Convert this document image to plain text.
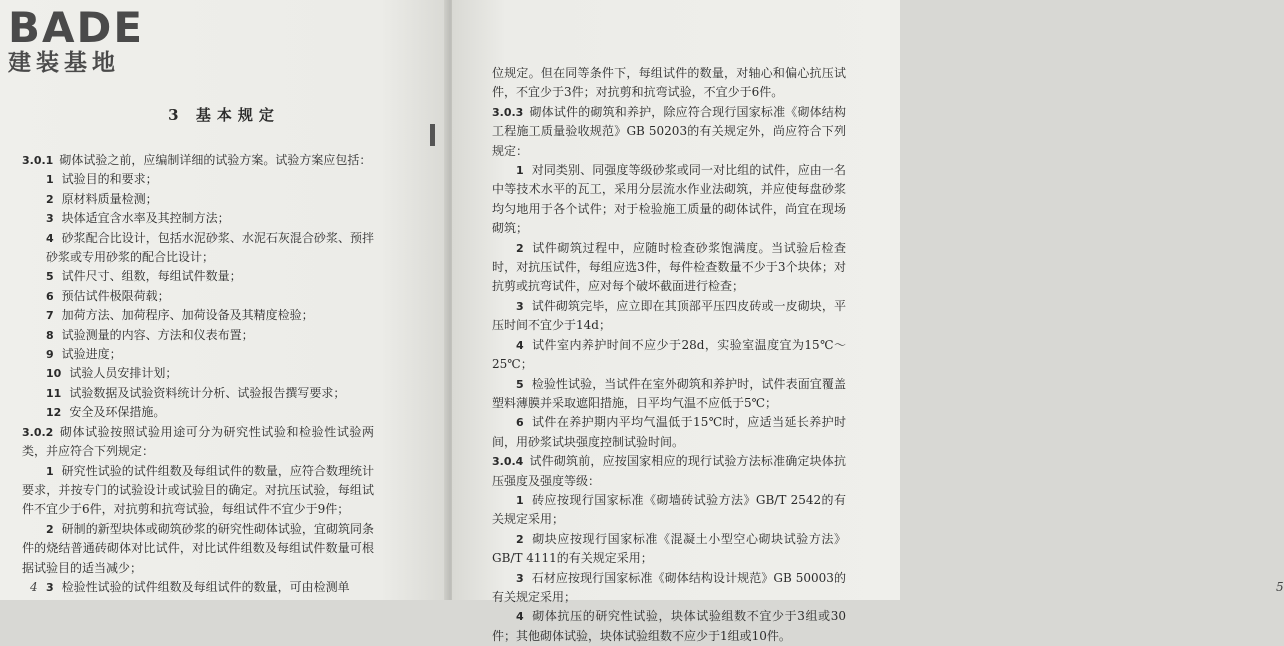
BADE
建装基地
3 基本规定

3.0.1 砌体试验之前，应编制详细的试验方案。试验方案应包括：

1 试验目的和要求；

2 原材料质量检测；

3 块体适宜含水率及其控制方法；

4 砂浆配合比设计，包括水泥砂浆、水泥石灰混合砂浆、预拌砂浆或专用砂浆的配合比设计；

5 试件尺寸、组数，每组试件数量；

6 预估试件极限荷载；

7 加荷方法、加荷程序、加荷设备及其精度检验；

8 试验测量的内容、方法和仪表布置；

9 试验进度；

10 试验人员安排计划；

11 试验数据及试验资料统计分析、试验报告撰写要求；

12 安全及环保措施。

3.0.2 砌体试验按照试验用途可分为研究性试验和检验性试验两类，并应符合下列规定：

1 研究性试验的试件组数及每组试件的数量，应符合数理统计要求，并按专门的试验设计或试验目的确定。对抗压试验，每组试件不宜少于6件，对抗剪和抗弯试验，每组试件不宜少于9件；

2 研制的新型块体或砌筑砂浆的研究性砌体试验，宜砌筑同条件的烧结普通砖砌体对比试件，对比试件组数及每组试件数量可根据试验目的适当减少；

3 检验性试验的试件组数及每组试件的数量，可由检测单

4	5

位规定。但在同等条件下，每组试件的数量，对轴心和偏心抗压试件，不宜少于3件；对抗剪和抗弯试验，不宜少于6件。

3.0.3 砌体试件的砌筑和养护，除应符合现行国家标准《砌体结构工程施工质量验收规范》GB 50203的有关规定外，尚应符合下列规定：

1 对同类别、同强度等级砂浆或同一对比组的试件，应由一名中等技术水平的瓦工，采用分层流水作业法砌筑，并应使每盘砂浆均匀地用于各个试件；对于检验施工质量的砌体试件，尚宜在现场砌筑；

2 试件砌筑过程中，应随时检查砂浆饱满度。当试验后检查时，对抗压试件，每组应选3件，每件检查数量不少于3个块体；对抗剪或抗弯试件，应对每个破坏截面进行检查；

3 试件砌筑完毕，应立即在其顶部平压四皮砖或一皮砌块，平压时间不宜少于14d；

4 试件室内养护时间不应少于28d，实验室温度宜为15℃～25℃；

5 检验性试验，当试件在室外砌筑和养护时，试件表面宜覆盖塑料薄膜并采取遮阳措施，日平均气温不应低于5℃；

6 试件在养护期内平均气温低于15℃时，应适当延长养护时间，用砂浆试块强度控制试验时间。

3.0.4 试件砌筑前，应按国家相应的现行试验方法标准确定块体抗压强度及强度等级：

1 砖应按现行国家标准《砌墙砖试验方法》GB/T 2542的有关规定采用；

2 砌块应按现行国家标准《混凝土小型空心砌块试验方法》GB/T 4111的有关规定采用；

3 石材应按现行国家标准《砌体结构设计规范》GB 50003的有关规定采用；

4 砌体抗压的研究性试验，块体试验组数不宜少于3组或30件；其他砌体试验，块体试验组数不应少于1组或10件。
